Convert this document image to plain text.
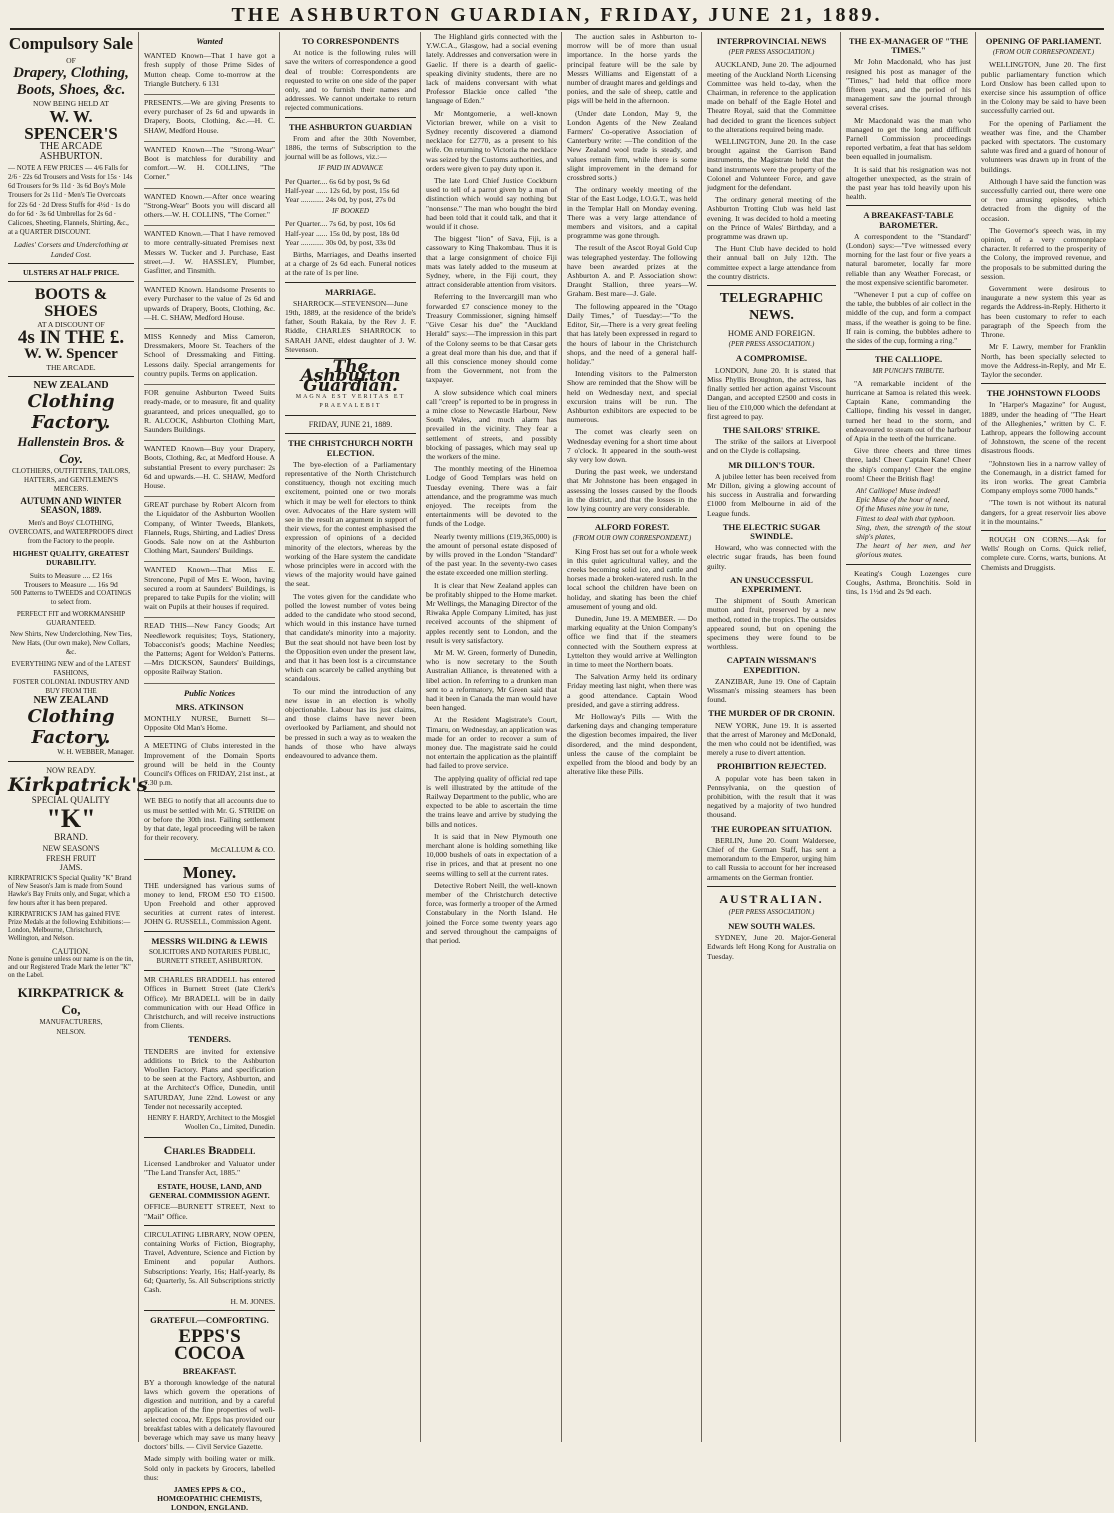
THE ASHBURTON GUARDIAN, FRIDAY, JUNE 21, 1889.
Compulsory Sale
OF
Drapery, Clothing, Boots, Shoes, &c.
NOW BEING HELD AT
W. W. SPENCER'S
THE ARCADE ASHBURTON.
— NOTE A FEW PRICES — 4/6 Falls for 2/6 · 22s 6d Trousers and Vests for 15s · 14s 6d Trousers for 9s 11d · 3s 6d Boy's Mole Trousers for 2s 11d · Men's Tie Overcoats for 22s 6d · 2d Dress Stuffs for 4½d · 1s do do for 6d · 3s 6d Umbrellas for 2s 6d · Calicoes, Sheeting, Flannels, Shirting, &c., at a QUARTER DISCOUNT.
Ladies' Corsets and Underclothing at Landed Cost.
ULSTERS AT HALF PRICE.
BOOTS & SHOES
AT A DISCOUNT OF
4s IN THE £.
W. W. Spencer
THE ARCADE.
NEW ZEALAND
Clothing Factory.
Hallenstein Bros. & Coy.
CLOTHIERS, OUTFITTERS, TAILORS, HATTERS, and GENTLEMEN'S MERCERS.
AUTUMN AND WINTER SEASON, 1889.
Men's and Boys' CLOTHING, OVERCOATS, and WATERPROOFS direct from the Factory to the people.
HIGHEST QUALITY, GREATEST DURABILITY.
Suits to Measure .... £2 16s
Trousers to Measure .... 16s 9d
500 Patterns to TWEEDS and COATINGS to select from.
PERFECT FIT and WORKMANSHIP GUARANTEED.
New Shirts, New Underclothing, New Ties, New Hats, (Our own make), New Collars, &c.
EVERYTHING NEW and of the LATEST FASHIONS,
FOSTER COLONIAL INDUSTRY AND BUY FROM THE
NEW ZEALAND
Clothing Factory.
W. H. WEBBER, Manager.
NOW READY.
Kirkpatrick's
SPECIAL QUALITY
"K"
BRAND.
NEW SEASON'S
FRESH FRUIT
JAMS.
KIRKPATRICK'S Special Quality "K" Brand of New Season's Jam is made from Sound Hawke's Bay Fruits only, and Sugar, which a few hours after it has been prepared.
KIRKPATRICK'S JAM has gained FIVE Prize Medals at the following Exhibitions:— London, Melbourne, Christchurch, Wellington, and Nelson.
CAUTION.
None is genuine unless our name is on the tin, and our Registered Trade Mark the letter "K" on the Label.
KIRKPATRICK & Co,
MANUFACTURERS,
NELSON.
Wanted

WANTED Known—That I have got a fresh supply of those Prime Sides of Mutton cheap. Come to-morrow at the Triangle Butchery. 6 131

PRESENTS.—We are giving Presents to every purchaser of 2s 6d and upwards in Drapery, Boots, Clothing, &c.—H. C. SHAW, Medford House.

WANTED Known—The "Strong-Wear" Boot is matchless for durability and comfort.—W. H. COLLINS, "The Corner."

WANTED Known.—After once wearing "Strong-Wear" Boots you will discard all others.—W. H. COLLINS, "The Corner."

WANTED Known.—That I have removed to more centrally-situated Premises next Messrs W. Tucker and J. Purchase, East street.—J. W. HASSLEY, Plumber, Gasfitter, and Tinsmith.

WANTED Known. Handsome Presents to every Purchaser to the value of 2s 6d and upwards of Drapery, Boots, Clothing, &c.—H. C. SHAW, Medford House.

MISS Kennedy and Miss Cameron, Dressmakers, Moore St. Teachers of the School of Dressmaking and Fitting. Lessons daily. Special arrangements for country pupils. Terms on application.

FOR genuine Ashburton Tweed Suits ready-made, or to measure, fit and quality guaranteed, and prices unequalled, go to R. ALCOCK, Ashburton Clothing Mart, Saunders Buildings.

WANTED Known—Buy your Drapery, Boots, Clothing, &c, at Medford House. A substantial Present to every purchaser: 2s 6d and upwards.—H. C. SHAW, Medford House.

GREAT purchase by Robert Alcorn from the Liquidator of the Ashburton Woollen Company, of Winter Tweeds, Blankets, Flannels, Rugs, Shirting, and Ladies' Dress Goods. Sale now on at the Ashburton Clothing Mart, Saunders' Buildings.

WANTED Known—That Miss E. Strencone, Pupil of Mrs E. Woon, having secured a room at Saunders' Buildings, is prepared to take Pupils for the violin; will wait on Pupils at their houses if required.

READ THIS—New Fancy Goods; Art Needlework requisites; Toys, Stationery, Tobacconist's goods; Machine Needles; the Patterns; Agent for Weldon's Patterns.—Mrs DICKSON, Saunders' Buildings, opposite Railway Station.

Public Notices
MRS. ATKINSON

MONTHLY NURSE, Burnett St—Opposite Old Man's Home.

A MEETING of Clubs interested in the Improvement of the Domain Sports ground will be held in the County Council's Offices on FRIDAY, 21st inst., at 7.30 p.m.

WE BEG to notify that all accounts due to us must be settled with Mr. G. STRIDE on or before the 30th inst. Failing settlement by that date, legal proceeding will be taken for their recovery.

McCALLUM & CO.
Money.

THE undersigned has various sums of money to lend, FROM £50 TO £1500. Upon Freehold and other approved securities at current rates of interest. JOHN G. RUSSELL, Commission Agent.

MESSRS WILDING & LEWIS
SOLICITORS AND NOTARIES PUBLIC, BURNETT STREET, ASHBURTON.

MR CHARLES BRADDELL has entered Offices in Burnett Street (late Clerk's Office). Mr BRADELL will be in daily communication with our Head Office in Christchurch, and will receive instructions from Clients.

TENDERS.

TENDERS are invited for extensive additions to Brick to the Ashburton Woollen Factory. Plans and specification to be seen at the Factory, Ashburton, and at the Architect's Office, Dunedin, until SATURDAY, June 22nd. Lowest or any Tender not necessarily accepted.

HENRY F. HARDY, Architect to the Mosgiel Woollen Co., Limited, Dunedin.
Charles Braddell

Licensed Landbroker and Valuator under "The Land Transfer Act, 1885."

ESTATE, HOUSE, LAND, AND GENERAL COMMISSION AGENT.

OFFICE—BURNETT STREET, Next to "Mail" Office.

CIRCULATING LIBRARY, NOW OPEN, containing Works of Fiction, Biography, Travel, Adventure, Science and Fiction by Eminent and popular Authors. Subscriptions: Yearly, 16s; Half-yearly, 8s 6d; Quarterly, 5s. All Subscriptions strictly Cash.

H. M. JONES.
GRATEFUL—COMFORTING.
EPPS'S COCOA
BREAKFAST.

BY a thorough knowledge of the natural laws which govern the operations of digestion and nutrition, and by a careful application of the fine properties of well-selected cocoa, Mr. Epps has provided our breakfast tables with a delicately flavoured beverage which may save us many heavy doctors' bills. — Civil Service Gazette.

Made simply with boiling water or milk. Sold only in packets by Grocers, labelled thus:

JAMES EPPS & CO., HOMŒOPATHIC CHEMISTS, LONDON, ENGLAND.
TO CORRESPONDENTS

At notice is the following rules will save the writers of correspondence a good deal of trouble: Correspondents are requested to write on one side of the paper only, and to furnish their names and addresses. We cannot undertake to return rejected communications.

THE ASHBURTON GUARDIAN

From and after the 30th November, 1886, the terms of Subscription to the journal will be as follows, viz.:—

IF PAID IN ADVANCE
Per Quarter.... 6s 6d by post, 9s 6d
Half-year ...... 12s 6d, by post, 15s 6d
Year ............ 24s 0d, by post, 27s 0d
IF BOOKED
Per Quarter.... 7s 6d, by post, 10s 6d
Half-year ...... 15s 0d, by post, 18s 0d
Year ............ 30s 0d, by post, 33s 0d

Births, Marriages, and Deaths inserted at a charge of 2s 6d each. Funeral notices at the rate of 1s per line.

MARRIAGE.

SHARROCK—STEVENSON—June 19th, 1889, at the residence of the bride's father, South Rakaia, by the Rev J. F. Riddle, CHARLES SHARROCK to SARAH JANE, eldest daughter of J. W. Stevenson.

The Ashburton Guardian.
MAGNA EST VERITAS ET PRAEVALEBIT
FRIDAY, JUNE 21, 1889.
THE CHRISTCHURCH NORTH ELECTION.

The bye-election of a Parliamentary representative of the North Christchurch constituency, though not exciting much excitement, pointed one or two morals which it may be well for electors to think over. Advocates of the Hare system will see in the result an argument in support of their views, for the contest emphasised the expression of opinions of a decided minority of the electors, whereas by the working of the Hare system the candidate whose principles were in accord with the views of the majority would have gained the seat.

The votes given for the candidate who polled the lowest number of votes being added to the candidate who stood second, which would in this instance have turned that candidate's minority into a majority. But the seat should not have been lost by the Opposition even under the present law, and that it has been lost is a circumstance which can scarcely be called anything but scandalous.

To our mind the introduction of any new issue in an election is wholly objectionable. Labour has its just claims, and those claims have never been overlooked by Parliament, and should not be pressed in such a way as to weaken the hands of those who have always endeavoured to advance them.

The Highland girls connected with the Y.W.C.A., Glasgow, had a social evening lately. Addresses and conversation were in Gaelic. If there is a dearth of gaelic-speaking divinity students, there are no lack of maidens conversant with what Professor Blackie once called "the language of Eden."

Mr Montgomerie, a well-known Victorian brewer, while on a visit to Sydney recently discovered a diamond necklace for £2770, as a present to his wife. On returning to Victoria the necklace was seized by the Customs authorities, and orders were given to pay duty upon it.

The late Lord Chief Justice Cockburn used to tell of a parrot given by a man of distinction which would say nothing but "nonsense." The man who bought the bird had been told that it could talk, and that it would if it chose.

The biggest "lion" of Sava, Fiji, is a cassowary to King Thakombau. Thus it is that a large consignment of choice Fiji mats was lately added to the museum at Sydney, where, in the Fiji court, they attract considerable attention from visitors.

Referring to the Invercargill man who forwarded £7 conscience money to the Treasury Commissioner, signing himself "Give Cesar his due" the "Auckland Herald" says:—The impression in this part of the Colony seems to be that Cæsar gets a great deal more than his due, and that if all this conscience money should come from the Government, not from the taxpayer.

A slow subsidence which coal miners call "creep" is reported to be in progress in a mine close to Newcastle Harbour, New South Wales, and much alarm has prevailed in the vicinity. They fear a settlement of streets, and possibly blocking of passages, which may seal up the workers of the mine.

The monthly meeting of the Hinemoa Lodge of Good Templars was held on Tuesday evening. There was a fair attendance, and the programme was much enjoyed. The receipts from the entertainments will be devoted to the funds of the Lodge.

Nearly twenty millions (£19,365,000) is the amount of personal estate disposed of by wills proved in the London "Standard" of the past year. In the seventy-two cases the estate exceeded one million sterling.

It is clear that New Zealand apples can be profitably shipped to the Home market. Mr Wellings, the Managing Director of the Riwaka Apple Company Limited, has just received accounts of the shipment of apples recently sent to London, and the result is very satisfactory.

Mr M. W. Green, formerly of Dunedin, who is now secretary to the South Australian Alliance, is threatened with a libel action. In referring to a drunken man sent to a reformatory, Mr Green said that had it been in Canada the man would have been hanged.

At the Resident Magistrate's Court, Timaru, on Wednesday, an application was made for an order to recover a sum of money due. The magistrate said he could not entertain the application as the plaintiff had failed to prove service.

The applying quality of official red tape is well illustrated by the attitude of the Railway Department to the public, who are expected to be able to ascertain the time the trains leave and arrive by studying the bills and notices.

It is said that in New Plymouth one merchant alone is holding something like 10,000 bushels of oats in expectation of a rise in prices, and that at present no one seems willing to sell at the current rates.

Detective Robert Neill, the well-known member of the Christchurch detective force, was formerly a trooper of the Armed Constabulary in the North Island. He joined the Force some twenty years ago and served throughout the campaigns of that period.

The auction sales in Ashburton to-morrow will be of more than usual importance. In the horse yards the principal feature will be the sale by Messrs Williams and Eigenstatt of a number of draught mares and geldings and ponies, and the sale of sheep, cattle and pigs will be held in the afternoon.

(Under date London, May 9, the London Agents of the New Zealand Farmers' Co-operative Association of Canterbury write: —The condition of the New Zealand wool trade is steady, and values remain firm, while there is some slight improvement in the demand for crossbred sorts.)

The ordinary weekly meeting of the Star of the East Lodge, I.O.G.T., was held in the Templar Hall on Monday evening. There was a very large attendance of members and visitors, and a capital programme was gone through.

The result of the Ascot Royal Gold Cup was telegraphed yesterday. The following have been awarded prizes at the Ashburton A. and P. Association show: Draught Stallion, three years—W. Graham. Best mare—J. Gale.

The following appeared in the "Otago Daily Times," of Tuesday:—"To the Editor, Sir,—There is a very great feeling that has lately been expressed in regard to the hours of labour in the Christchurch shops, and the need of a general half-holiday."

Intending visitors to the Palmerston Show are reminded that the Show will be held on Wednesday next, and special excursion trains will be run. The Ashburton exhibitors are expected to be numerous.

The comet was clearly seen on Wednesday evening for a short time about 7 o'clock. It appeared in the south-west sky very low down.

During the past week, we understand that Mr Johnstone has been engaged in assessing the losses caused by the floods in the district, and that the losses in the low lying country are very considerable.

ALFORD FOREST.
(FROM OUR OWN CORRESPONDENT.)

King Frost has set out for a whole week in this quiet agricultural valley, and the creeks becoming solid ice, and cattle and horses made a broken-watered rush. In the local school the children have been on holiday, and skating has been the chief amusement of young and old.

Dunedin, June 19. A MEMBER. — Do marking equality at the Union Company's office we find that if the steamers connected with the Southern express at Lyttelton they would arrive at Wellington in time to meet the Northern boats.

The Salvation Army held its ordinary Friday meeting last night, when there was a good attendance. Captain Wood presided, and gave a stirring address.

Mr Holloway's Pills — With the darkening days and changing temperature the digestion becomes impaired, the liver disordered, and the mind despondent, unless the cause of the complaint be expelled from the blood and body by an alterative like these Pills.

INTERPROVINCIAL NEWS
(PER PRESS ASSOCIATION.)

AUCKLAND, June 20. The adjourned meeting of the Auckland North Licensing Committee was held to-day, when the Chairman, in reference to the application made on behalf of the Eagle Hotel and Theatre Royal, said that the Committee had decided to grant the licences subject to the alterations required being made.

WELLINGTON, June 20. In the case brought against the Garrison Band instruments, the Magistrate held that the band instruments were the property of the Colonel and Volunteer Force, and gave judgment for the defendant.

The ordinary general meeting of the Ashburton Trotting Club was held last evening. It was decided to hold a meeting on the Prince of Wales' Birthday, and a programme was drawn up.

The Hunt Club have decided to hold their annual ball on July 12th. The committee expect a large attendance from the country districts.

TELEGRAPHIC NEWS.
HOME AND FOREIGN.
(PER PRESS ASSOCIATION.)
A COMPROMISE.

LONDON, June 20. It is stated that Miss Phyllis Broughton, the actress, has finally settled her action against Viscount Dangan, and accepted £2500 and costs in lieu of the £10,000 which the defendant at first agreed to pay.

THE SAILORS' STRIKE.

The strike of the sailors at Liverpool and on the Clyde is collapsing.

MR DILLON'S TOUR.

A jubilee letter has been received from Mr Dillon, giving a glowing account of his success in Australia and forwarding £1000 from Melbourne in aid of the League funds.

THE ELECTRIC SUGAR SWINDLE.

Howard, who was connected with the electric sugar frauds, has been found guilty.

AN UNSUCCESSFUL EXPERIMENT.

The shipment of South American mutton and fruit, preserved by a new method, rotted in the tropics. The outsides appeared sound, but on opening the specimens they were found to be worthless.

CAPTAIN WISSMAN'S EXPEDITION.

ZANZIBAR, June 19. One of Captain Wissman's missing steamers has been found.

THE MURDER OF DR CRONIN.

NEW YORK, June 19. It is asserted that the arrest of Maroney and McDonald, the men who could not be identified, was merely a ruse to divert attention.

PROHIBITION REJECTED.

A popular vote has been taken in Pennsylvania, on the question of prohibition, with the result that it was negatived by a majority of two hundred thousand.

THE EUROPEAN SITUATION.

BERLIN, June 20. Count Waldersee, Chief of the German Staff, has sent a memorandum to the Emperor, urging him to call Russia to account for her increased armaments on the German frontier.

AUSTRALIAN.
(PER PRESS ASSOCIATION.)
NEW SOUTH WALES.

SYDNEY, June 20. Major-General Edwards left Hong Kong for Australia on Tuesday.

THE EX-MANAGER OF "THE TIMES."

Mr John Macdonald, who has just resigned his post as manager of the "Times," had held that office more fifteen years, and the period of his management saw the journal through several crises.

Mr Macdonald was the man who managed to get the long and difficult Parnell Commission proceedings reported verbatim, a feat that has seldom been equalled in journalism.

It is said that his resignation was not altogether unexpected, as the strain of the past year has told heavily upon his health.

A BREAKFAST-TABLE BAROMETER.

A correspondent to the "Standard" (London) says:—"I've witnessed every morning for the last four or five years a natural barometer, locally far more reliable than any Weather Forecast, or the most expensive scientific barometer.

"Whenever I put a cup of coffee on the table, the bubbles of air collect in the middle of the cup, and form a compact mass, if the weather is going to be fine. If rain is coming, the bubbles adhere to the sides of the cup, forming a ring."

THE CALLIOPE.
MR PUNCH'S TRIBUTE.

"A remarkable incident of the hurricane at Samoa is related this week. Captain Kane, commanding the Calliope, finding his vessel in danger, turned her head to the storm, and endeavoured to steam out of the harbour of Apia in the teeth of the hurricane.

Give three cheers and three times three, lads! Cheer Captain Kane! Cheer the ship's company! Cheer the engine room! Cheer the British flag!

Ah! Calliope! Muse indeed!
Epic Muse of the hour of need,
Of the Muses nine you in tune,
Fittest to deal with that typhoon.
Sing, then, the strength of the stout ship's plates,
The heart of her men, and her glorious mates.

Keating's Cough Lozenges cure Coughs, Asthma, Bronchitis. Sold in tins, 1s 1½d and 2s 9d each.

OPENING OF PARLIAMENT.
(FROM OUR CORRESPONDENT.)

WELLINGTON, June 20. The first public parliamentary function which Lord Onslow has been called upon to exercise since his assumption of office in the Colony may be said to have been successfully carried out.

For the opening of Parliament the weather was fine, and the Chamber packed with spectators. The customary salute was fired and a guard of honour of volunteers was drawn up in front of the buildings.

Although I have said the function was successfully carried out, there were one or two amusing episodes, which detracted from the dignity of the occasion.

The Governor's speech was, in my opinion, of a very commonplace character. It referred to the prosperity of the Colony, the improved revenue, and the proposals to be submitted during the session.

Government were desirous to inaugurate a new system this year as regards the Address-in-Reply. Hitherto it has been customary to refer to each paragraph of the Speech from the Throne.

Mr F. Lawry, member for Franklin North, has been specially selected to move the Address-in-Reply, and Mr E. Taylor the seconder.

THE JOHNSTOWN FLOODS

In "Harper's Magazine" for August, 1889, under the heading of "The Heart of the Alleghenies," written by C. F. Lathrop, appears the following account of Johnstown, the scene of the recent disastrous floods.

"Johnstown lies in a narrow valley of the Conemaugh, in a district famed for its iron works. The great Cambria Company employs some 7000 hands."

"The town is not without its natural dangers, for a great reservoir lies above it in the mountains."

ROUGH ON CORNS.—Ask for Wells' Rough on Corns. Quick relief, complete cure. Corns, warts, bunions. At Chemists and Druggists.
